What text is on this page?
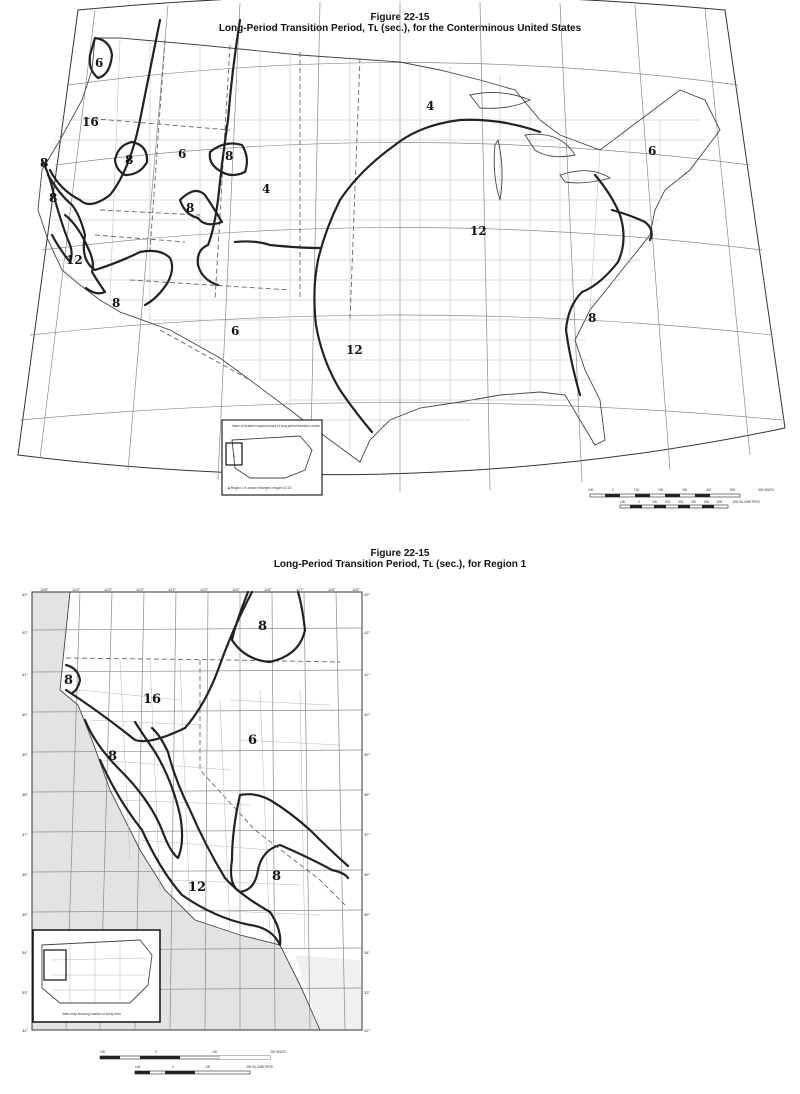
Figure 22-15
Long-Period Transition Period, Tʟ (sec.), for the Conterminous United States
Figure 22-15
Long-Period Transition Period, Tʟ (sec.), for Region 1
6
16
8	8	6	8
4
4
8
8
12
8
6
12
12
8
6
Index of detailed regional maps of long-period transition zones
1
■ Region 1 is shown enlarged in figure 22-15	100	0	100	200	300	400	500	600 MILES
100	0	100 200 300 400 500 600	800 KILOMETERS
8
8
16
6
8
12
8
126°	124°	123°	122°	121°	120°	119°	118°	117°	116°	115°
43°
42°
41°
40°
39°
38°
37°
36°
35°
34°
33°
32°
43°
42°
41°
40°
39°
38°
37°
36°
35°
34°
33°
32°
Index map showing location of study area
100	0	100	200 MILES
100	0	100	200 KILOMETERS
